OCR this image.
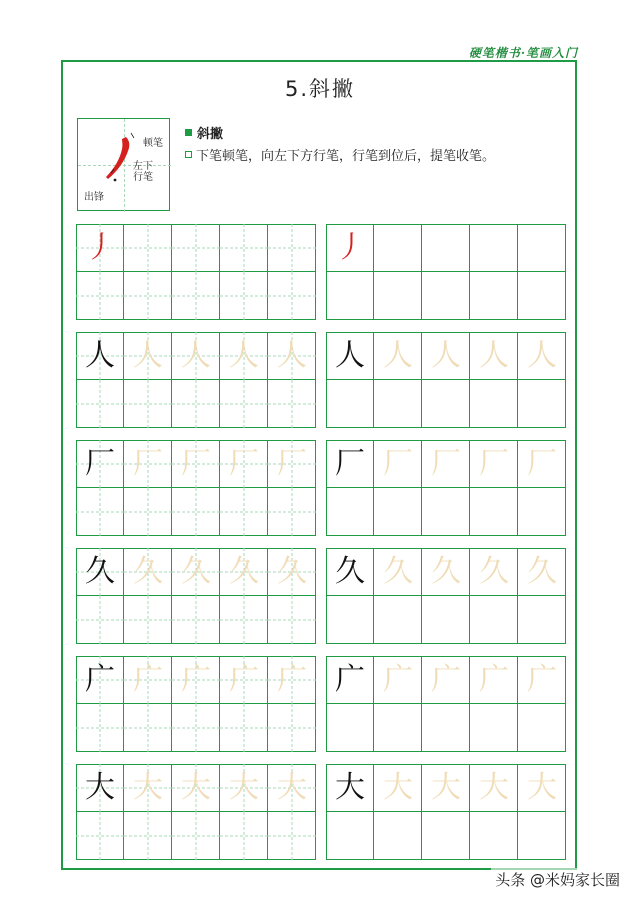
硬笔楷书·笔画入门
5.斜撇
顿笔
左下
行笔
出锋
斜撇
下笔顿笔，向左下方行笔，行笔到位后，提笔收笔。
丿	丿
人 人 人 人 人 人 人 人 人 人
厂 厂 厂 厂 厂 厂 厂 厂 厂 厂
久 久 久 久 久 久 久 久 久 久
广 广 广 广 广 广 广 广 广 广
大 大 大 大 大 大 大 大 大 大
头条 @米妈家长圈
